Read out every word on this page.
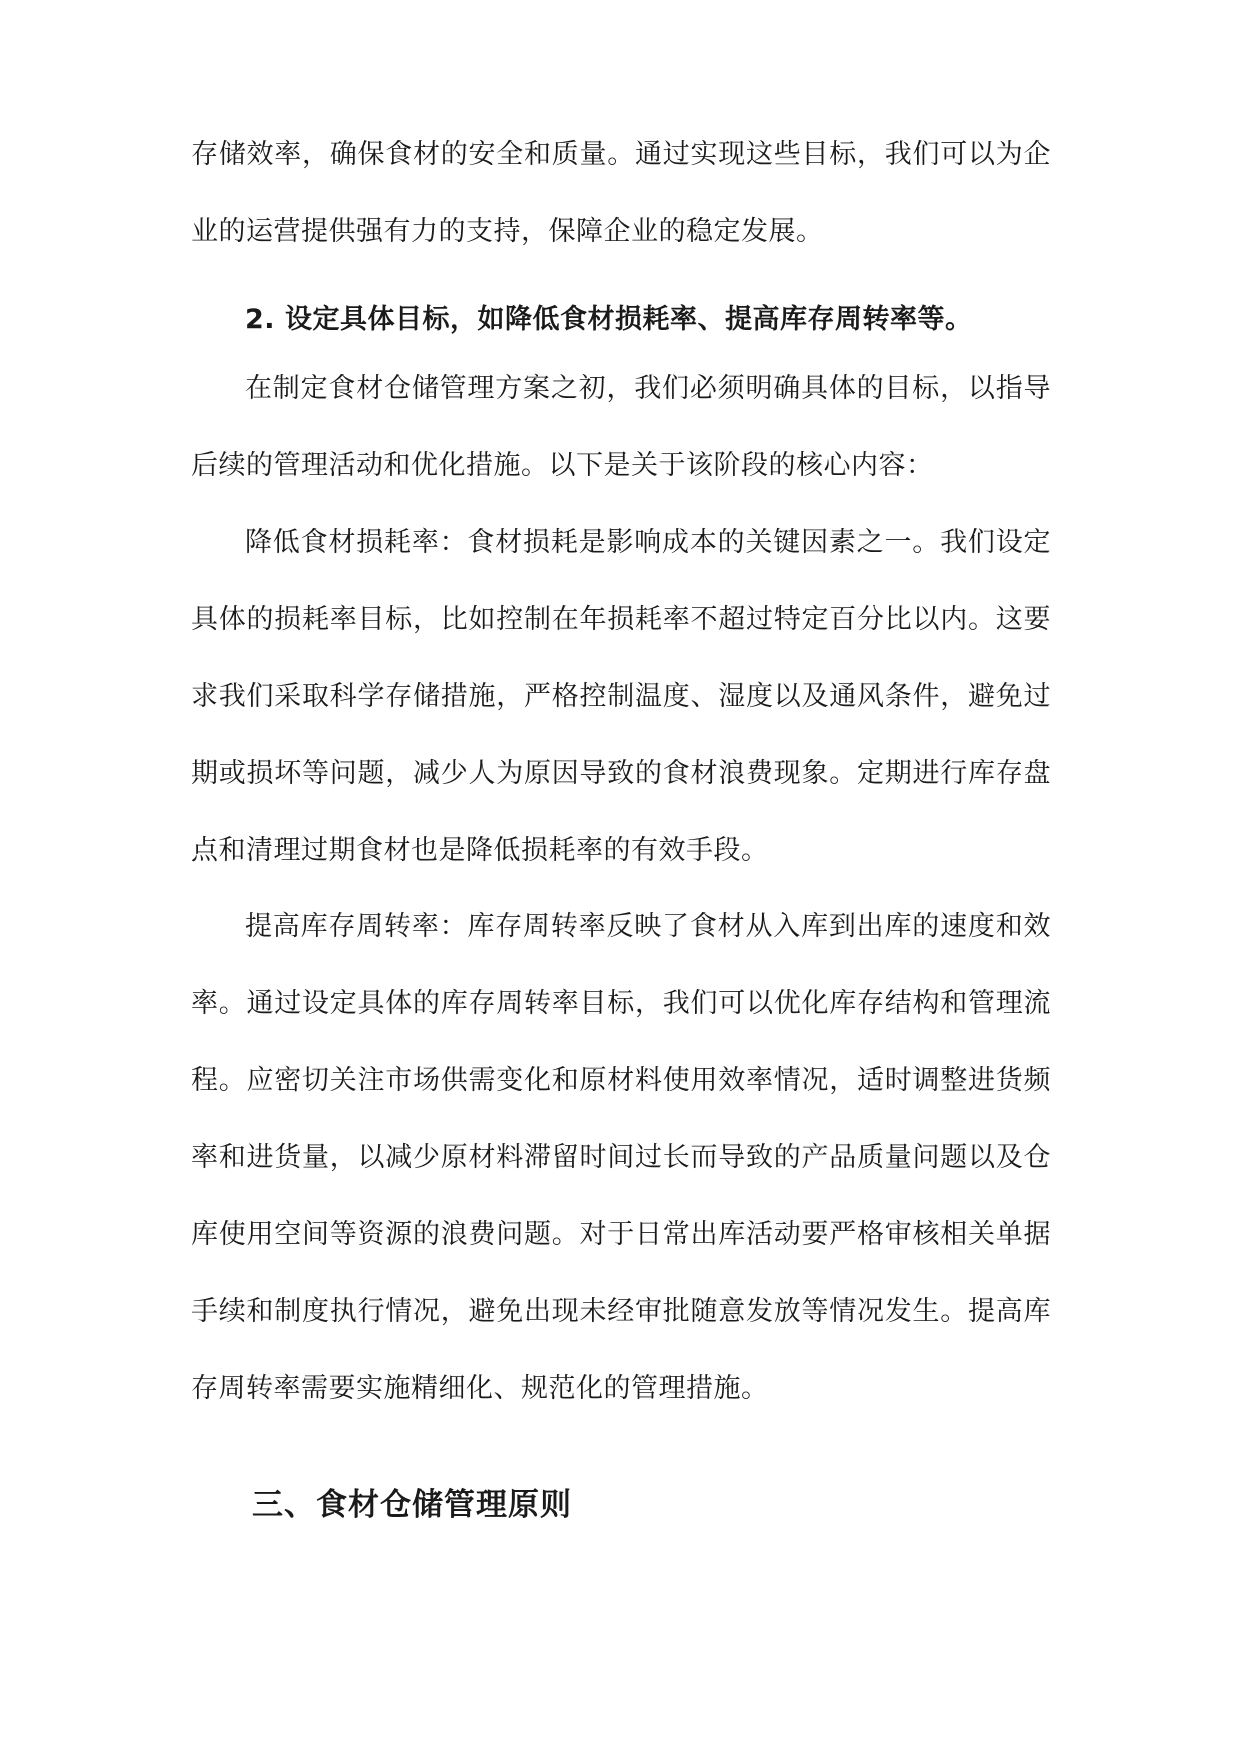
存储效率，确保食材的安全和质量。通过实现这些目标，我们可以为企业的运营提供强有力的支持，保障企业的稳定发展。

2. 设定具体目标，如降低食材损耗率、提高库存周转率等。

在制定食材仓储管理方案之初，我们必须明确具体的目标，以指导后续的管理活动和优化措施。以下是关于该阶段的核心内容：

降低食材损耗率：食材损耗是影响成本的关键因素之一。我们设定具体的损耗率目标，比如控制在年损耗率不超过特定百分比以内。这要求我们采取科学存储措施，严格控制温度、湿度以及通风条件，避免过期或损坏等问题，减少人为原因导致的食材浪费现象。定期进行库存盘点和清理过期食材也是降低损耗率的有效手段。

提高库存周转率：库存周转率反映了食材从入库到出库的速度和效率。通过设定具体的库存周转率目标，我们可以优化库存结构和管理流程。应密切关注市场供需变化和原材料使用效率情况，适时调整进货频率和进货量，以减少原材料滞留时间过长而导致的产品质量问题以及仓库使用空间等资源的浪费问题。对于日常出库活动要严格审核相关单据手续和制度执行情况，避免出现未经审批随意发放等情况发生。提高库存周转率需要实施精细化、规范化的管理措施。

三、食材仓储管理原则
